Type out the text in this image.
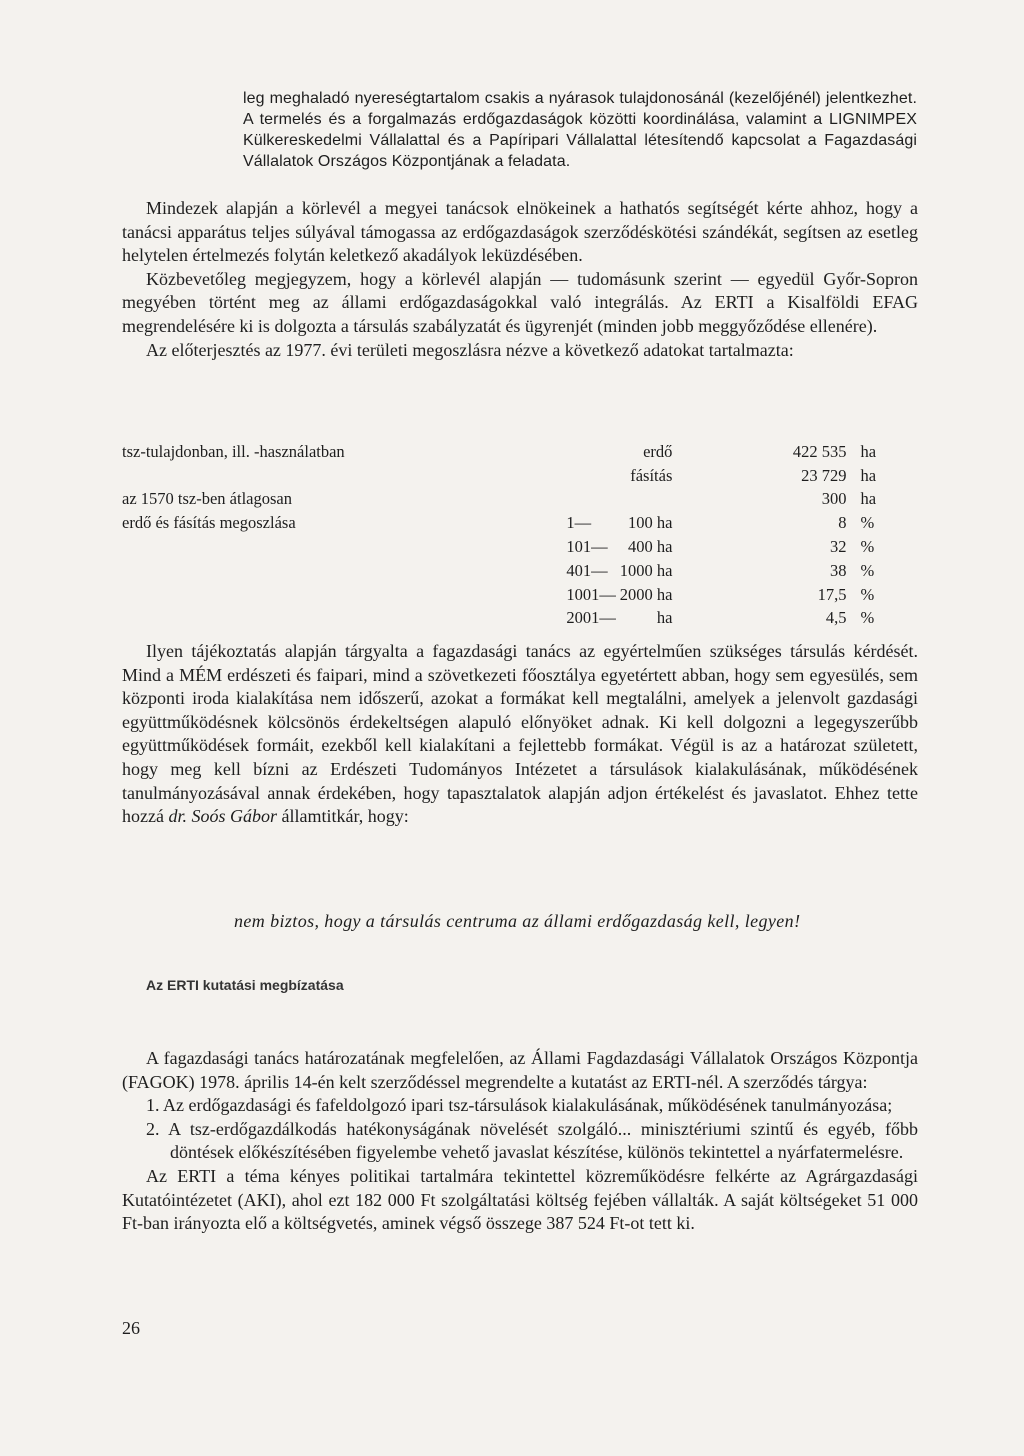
leg meghaladó nyereségtartalom csakis a nyárasok tulajdonosánál (kezelőjénél) jelentkezhet. A termelés és a forgalmazás erdőgazdaságok közötti koordinálása, valamint a LIGNIMPEX Külkereskedelmi Vállalattal és a Papíripari Vállalattal létesítendő kapcsolat a Fagazdasági Vállalatok Országos Központjának a feladata.

Mindezek alapján a körlevél a megyei tanácsok elnökeinek a hathatós segítségét kérte ahhoz, hogy a tanácsi apparátus teljes súlyával támogassa az erdőgazdaságok szerződéskötési szándékát, segítsen az esetleg helytelen értelmezés folytán keletkező akadályok leküzdésében.

Közbevetőleg megjegyzem, hogy a körlevél alapján — tudomásunk szerint — egyedül Győr-Sopron megyében történt meg az állami erdőgazdaságokkal való integrálás. Az ERTI a Kisalföldi EFAG megrendelésére ki is dolgozta a társulás szabályzatát és ügyrenjét (minden jobb meggyőződése ellenére).

Az előterjesztés az 1977. évi területi megoszlásra nézve a következő adatokat tartalmazta:

tsz-tulajdonban, ill. -használatban	erdő	422 535	ha
	fásítás	23 729	ha
az 1570 tsz-ben átlagosan		300	ha
erdő és fásítás megoszlása	1— 100 ha	8	%
	101— 400 ha	32	%
	401— 1000 ha	38	%
	1001— 2000 ha	17,5	%
	2001— ha	4,5	%

Ilyen tájékoztatás alapján tárgyalta a fagazdasági tanács az egyértelműen szükséges társulás kérdését. Mind a MÉM erdészeti és faipari, mind a szövetkezeti főosztálya egyetértett abban, hogy sem egyesülés, sem központi iroda kialakítása nem időszerű, azokat a formákat kell megtalálni, amelyek a jelenvolt gazdasági együttműködésnek kölcsönös érdekeltségen alapuló előnyöket adnak. Ki kell dolgozni a legegyszerűbb együttműködések formáit, ezekből kell kialakítani a fejlettebb formákat. Végül is az a határozat született, hogy meg kell bízni az Erdészeti Tudományos Intézetet a társulások kialakulásának, működésének tanulmányozásával annak érdekében, hogy tapasztalatok alapján adjon értékelést és javaslatot. Ehhez tette hozzá dr. Soós Gábor államtitkár, hogy:

nem biztos, hogy a társulás centruma az állami erdőgazdaság kell, legyen!

Az ERTI kutatási megbízatása

A fagazdasági tanács határozatának megfelelően, az Állami Fagdazdasági Vállalatok Országos Központja (FAGOK) 1978. április 14-én kelt szerződéssel megrendelte a kutatást az ERTI-nél. A szerződés tárgya:

1. Az erdőgazdasági és fafeldolgozó ipari tsz-társulások kialakulásának, működésének tanulmányozása;
2. A tsz-erdőgazdálkodás hatékonyságának növelését szolgáló... minisztériumi szintű és egyéb, főbb döntések előkészítésében figyelembe vehető javaslat készítése, különös tekintettel a nyárfatermelésre.

Az ERTI a téma kényes politikai tartalmára tekintettel közreműködésre felkérte az Agrárgazdasági Kutatóintézetet (AKI), ahol ezt 182 000 Ft szolgáltatási költség fejében vállalták. A saját költségeket 51 000 Ft-ban irányozta elő a költségvetés, aminek végső összege 387 524 Ft-ot tett ki.

26
